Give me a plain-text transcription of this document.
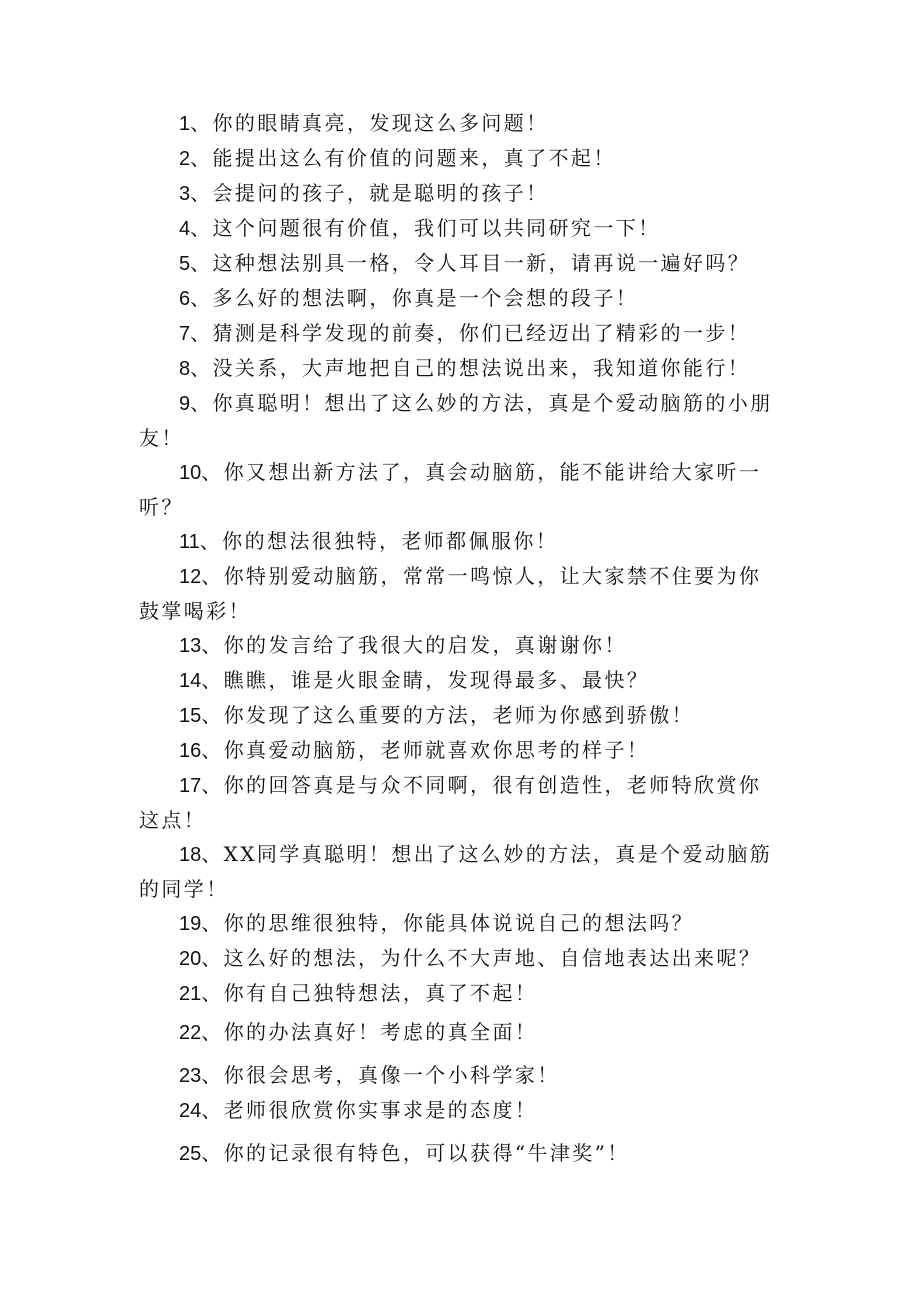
1、你的眼睛真亮，发现这么多问题！

2、能提出这么有价值的问题来，真了不起！

3、会提问的孩子，就是聪明的孩子！

4、这个问题很有价值，我们可以共同研究一下！

5、这种想法别具一格，令人耳目一新，请再说一遍好吗？

6、多么好的想法啊，你真是一个会想的段子！

7、猜测是科学发现的前奏，你们已经迈出了精彩的一步！

8、没关系，大声地把自己的想法说出来，我知道你能行！

9、你真聪明！想出了这么妙的方法，真是个爱动脑筋的小朋友！

10、你又想出新方法了，真会动脑筋，能不能讲给大家听一听？

11、你的想法很独特，老师都佩服你！

12、你特别爱动脑筋，常常一鸣惊人，让大家禁不住要为你鼓掌喝彩！

13、你的发言给了我很大的启发，真谢谢你！

14、瞧瞧，谁是火眼金睛，发现得最多、最快？

15、你发现了这么重要的方法，老师为你感到骄傲！

16、你真爱动脑筋，老师就喜欢你思考的样子！

17、你的回答真是与众不同啊，很有创造性，老师特欣赏你这点！

18、XX同学真聪明！想出了这么妙的方法，真是个爱动脑筋的同学！

19、你的思维很独特，你能具体说说自己的想法吗？

20、这么好的想法，为什么不大声地、自信地表达出来呢？

21、你有自己独特想法，真了不起！

22、你的办法真好！考虑的真全面！

23、你很会思考，真像一个小科学家！

24、老师很欣赏你实事求是的态度！

25、你的记录很有特色，可以获得“牛津奖”！
